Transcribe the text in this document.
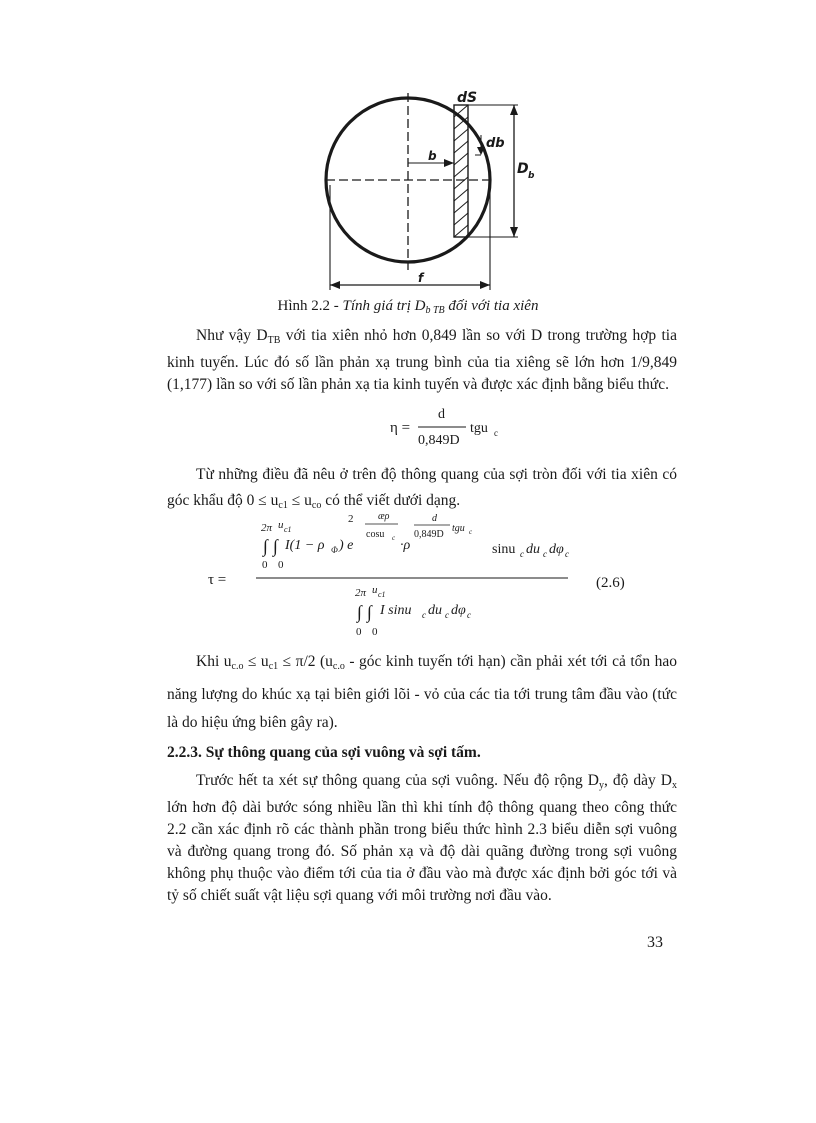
dS
db
D b
b
f
Hình 2.2 - Tính giá trị $D_{b TB}$ đối với tia xiên

Như vậy $D_{TB}$ với tia xiên nhỏ hơn 0,849 lần so với D trong trường hợp tia kinh tuyến. Lúc đó số lần phản xạ trung bình của tia xiêng sẽ lớn hơn 1/9,849 (1,177) lần so với số lần phản xạ tia kinh tuyến và được xác định bằng biểu thức.

η =
d
0,849D
tgu c

Từ những điều đã nêu ở trên độ thông quang của sợi tròn đối với tia xiên có góc khẩu độ $0 \le u_{c1} \le u_{co}$ có thể viết dưới dạng.

τ =
2π u c1
∫ ∫
0 0
I(1 − ρ Φ ) e
2 æρ
cosu c ·ρ
d
0,849D
tgu c
sinu c du c dφ c
2π u c1
∫ ∫
0 0
I sinu c du c dφ c
(2.6)

Khi $u_{c.o} \le u_{c1} \le \pi/2$ ($u_{c.o}$ - góc kinh tuyến tới hạn) cần phải xét tới cả tổn hao năng lượng do khúc xạ tại biên giới lõi - vỏ của các tia tới trung tâm đầu vào (tức là do hiệu ứng biên gây ra).

2.2.3. Sự thông quang của sợi vuông và sợi tấm.

Trước hết ta xét sự thông quang của sợi vuông. Nếu độ rộng $D_y$, độ dày $D_x$ lớn hơn độ dài bước sóng nhiều lần thì khi tính độ thông quang theo công thức 2.2 cần xác định rõ các thành phần trong biểu thức hình 2.3 biểu diễn sợi vuông và đường quang trong đó. Số phản xạ và độ dài quãng đường trong sợi vuông không phụ thuộc vào điểm tới của tia ở đầu vào mà được xác định bởi góc tới và tỷ số chiết suất vật liệu sợi quang với môi trường nơi đầu vào.

33
